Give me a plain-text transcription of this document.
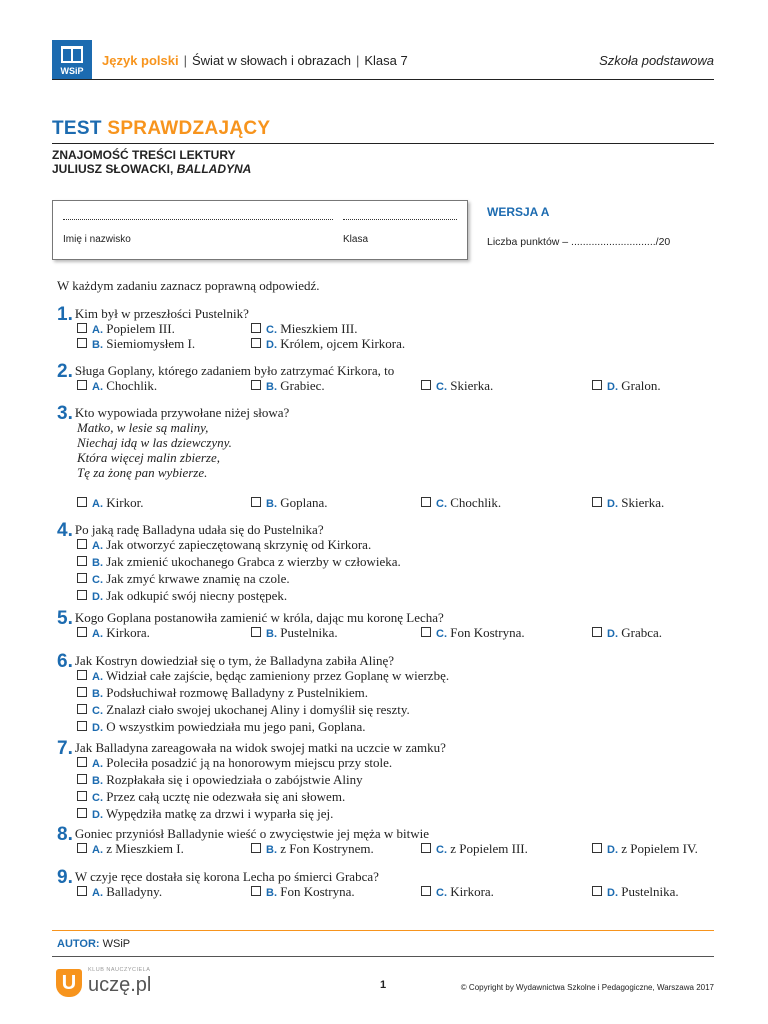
WSiP
Język polski | Świat w słowach i obrazach | Klasa 7	Szkoła podstawowa
TEST SPRAWDZAJĄCY
ZNAJOMOŚĆ TREŚCI LEKTURY
JULIUSZ SŁOWACKI, BALLADYNA
Imię i nazwisko	Klasa
WERSJA A
Liczba punktów – ............................./20
W każdym zadaniu zaznacz poprawną odpowiedź.
1. Kim był w przeszłości Pustelnik?
A. Popielem III.	C. Mieszkiem III.
B. Siemiomysłem I.	D. Królem, ojcem Kirkora.
2. Sługa Goplany, którego zadaniem było zatrzymać Kirkora, to
A. Chochlik.	B. Grabiec.	C. Skierka.	D. Gralon.
3. Kto wypowiada przywołane niżej słowa?
Matko, w lesie są maliny,
Niechaj idą w las dziewczyny.
Która więcej malin zbierze,
Tę za żonę pan wybierze.
A. Kirkor.	B. Goplana.	C. Chochlik.	D. Skierka.
4. Po jaką radę Balladyna udała się do Pustelnika?
A. Jak otworzyć zapieczętowaną skrzynię od Kirkora.
B. Jak zmienić ukochanego Grabca z wierzby w człowieka.
C. Jak zmyć krwawe znamię na czole.
D. Jak odkupić swój niecny postępek.
5. Kogo Goplana postanowiła zamienić w króla, dając mu koronę Lecha?
A. Kirkora.	B. Pustelnika.	C. Fon Kostryna.	D. Grabca.
6. Jak Kostryn dowiedział się o tym, że Balladyna zabiła Alinę?
A. Widział całe zajście, będąc zamieniony przez Goplanę w wierzbę.
B. Podsłuchiwał rozmowę Balladyny z Pustelnikiem.
C. Znalazł ciało swojej ukochanej Aliny i domyślił się reszty.
D. O wszystkim powiedziała mu jego pani, Goplana.
7. Jak Balladyna zareagowała na widok swojej matki na uczcie w zamku?
A. Poleciła posadzić ją na honorowym miejscu przy stole.
B. Rozpłakała się i opowiedziała o zabójstwie Aliny
C. Przez całą ucztę nie odezwała się ani słowem.
D. Wypędziła matkę za drzwi i wyparła się jej.
8. Goniec przyniósł Balladynie wieść o zwycięstwie jej męża w bitwie
A. z Mieszkiem I.	B. z Fon Kostrynem.	C. z Popielem III.	D. z Popielem IV.
9. W czyje ręce dostała się korona Lecha po śmierci Grabca?
A. Balladyny.	B. Fon Kostryna.	C. Kirkora.	D. Pustelnika.
AUTOR: WSiP
U
KLUB NAUCZYCIELA
uczę.pl	1	© Copyright by Wydawnictwa Szkolne i Pedagogiczne, Warszawa 2017
